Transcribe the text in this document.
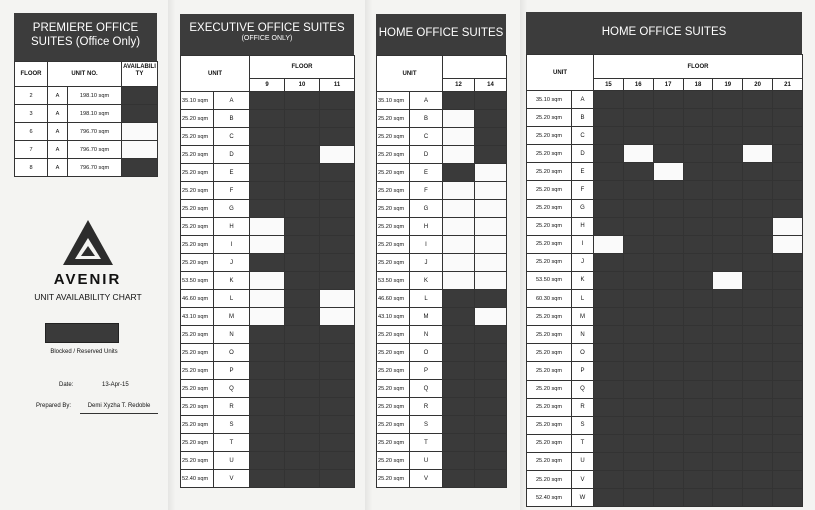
PREMIERE OFFICE
SUITES (Office Only)
FLOOR	UNIT NO.		AVAILABILI TY
2	A	198.10 sqm	
3	A	198.10 sqm	
6	A	796.70 sqm	
7	A	796.70 sqm	
8	A	796.70 sqm	
AVENIR
UNIT AVAILABILITY CHART
Blocked / Reserved Units
Date:	13-Apr-15
Prepared By:	Demi Xyzha T. Redoble
EXECUTIVE OFFICE SUITES
(OFFICE ONLY)
UNIT		FLOOR		
		9	10	11
35.10 sqm	A			
25.20 sqm	B			
25.20 sqm	C			
25.20 sqm	D			
25.20 sqm	E			
25.20 sqm	F			
25.20 sqm	G			
25.20 sqm	H			
25.20 sqm	I			
25.20 sqm	J			
53.50 sqm	K			
46.60 sqm	L			
43.10 sqm	M			
25.20 sqm	N			
25.20 sqm	O			
25.20 sqm	P			
25.20 sqm	Q			
25.20 sqm	R			
25.20 sqm	S			
25.20 sqm	T			
25.20 sqm	U			
52.40 sqm	V			
HOME OFFICE SUITES
UNIT			
		12	14
35.10 sqm	A		
25.20 sqm	B		
25.20 sqm	C		
25.20 sqm	D		
25.20 sqm	E		
25.20 sqm	F		
25.20 sqm	G		
25.20 sqm	H		
25.20 sqm	I		
25.20 sqm	J		
53.50 sqm	K		
46.60 sqm	L		
43.10 sqm	M		
25.20 sqm	N		
25.20 sqm	O		
25.20 sqm	P		
25.20 sqm	Q		
25.20 sqm	R		
25.20 sqm	S		
25.20 sqm	T		
25.20 sqm	U		
25.20 sqm	V		
HOME OFFICE SUITES
UNIT		FLOOR						
		15	16	17	18	19	20	21
35.10 sqm	A							
25.20 sqm	B							
25.20 sqm	C							
25.20 sqm	D							
25.20 sqm	E							
25.20 sqm	F							
25.20 sqm	G							
25.20 sqm	H							
25.20 sqm	I							
25.20 sqm	J							
53.50 sqm	K							
60.30 sqm	L							
25.20 sqm	M							
25.20 sqm	N							
25.20 sqm	O							
25.20 sqm	P							
25.20 sqm	Q							
25.20 sqm	R							
25.20 sqm	S							
25.20 sqm	T							
25.20 sqm	U							
25.20 sqm	V							
52.40 sqm	W							
